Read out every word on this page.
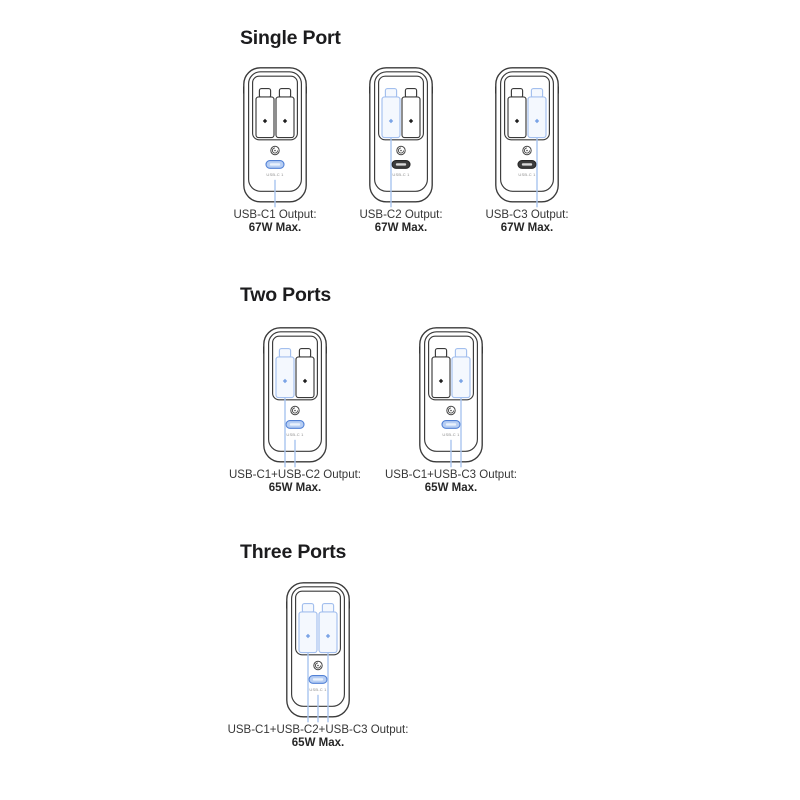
Single Port
USB-C1 Output:
67W Max.
USB-C2 Output:
67W Max.
USB-C3 Output:
67W Max.
Two Ports
USB-C1+USB-C2 Output:
65W Max.
USB-C1+USB-C3 Output:
65W Max.
Three Ports
USB-C1+USB-C2+USB-C3 Output:
65W Max.
